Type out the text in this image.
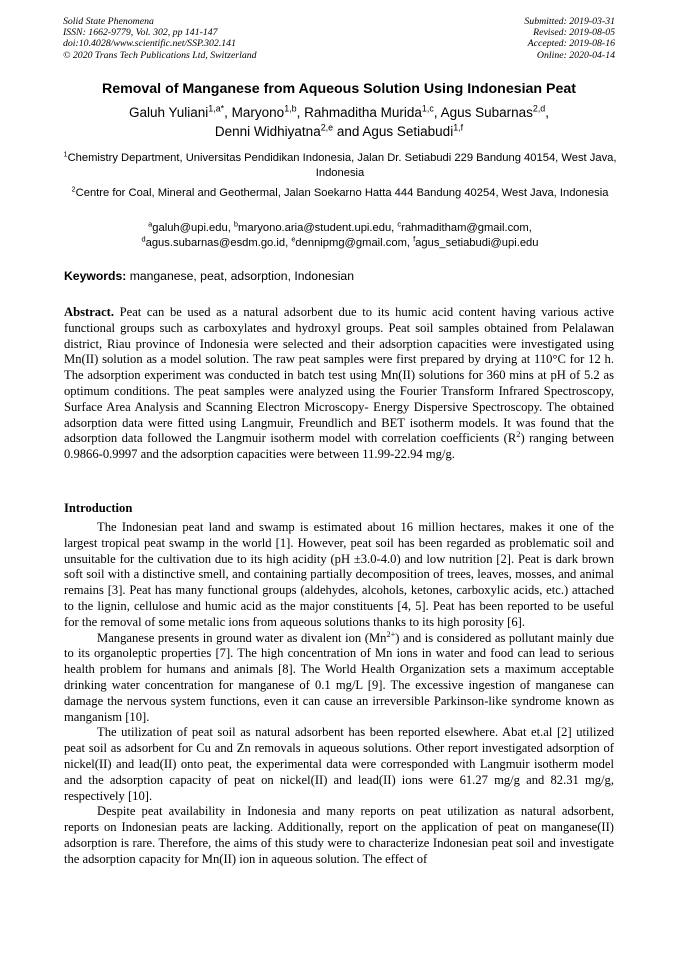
Solid State Phenomena
ISSN: 1662-9779, Vol. 302, pp 141-147
doi:10.4028/www.scientific.net/SSP.302.141
© 2020 Trans Tech Publications Ltd, Switzerland
Submitted: 2019-03-31
Revised: 2019-08-05
Accepted: 2019-08-16
Online: 2020-04-14
Removal of Manganese from Aqueous Solution Using Indonesian Peat
Galuh Yuliani$^{1,a*}$, Maryono$^{1,b}$, Rahmaditha Murida$^{1,c}$, Agus Subarnas$^{2,d}$,
Denni Widhiyatna$^{2,e}$ and Agus Setiabudi$^{1,f}$
$^1$Chemistry Department, Universitas Pendidikan Indonesia, Jalan Dr. Setiabudi 229 Bandung 40154, West Java, Indonesia
$^2$Centre for Coal, Mineral and Geothermal, Jalan Soekarno Hatta 444 Bandung 40254, West Java, Indonesia
$^a$galuh@upi.edu, $^b$maryono.aria@student.upi.edu, $^c$rahmaditham@gmail.com,
$^d$agus.subarnas@esdm.go.id, $^e$dennipmg@gmail.com, $^f$agus_setiabudi@upi.edu
Keywords: manganese, peat, adsorption, Indonesian

Abstract. Peat can be used as a natural adsorbent due to its humic acid content having various active functional groups such as carboxylates and hydroxyl groups. Peat soil samples obtained from Pelalawan district, Riau province of Indonesia were selected and their adsorption capacities were investigated using Mn(II) solution as a model solution. The raw peat samples were first prepared by drying at 110°C for 12 h. The adsorption experiment was conducted in batch test using Mn(II) solutions for 360 mins at pH of 5.2 as optimum conditions. The peat samples were analyzed using the Fourier Transform Infrared Spectroscopy, Surface Area Analysis and Scanning Electron Microscopy- Energy Dispersive Spectroscopy. The obtained adsorption data were fitted using Langmuir, Freundlich and BET isotherm models. It was found that the adsorption data followed the Langmuir isotherm model with correlation coefficients $(R^2)$ ranging between 0.9866-0.9997 and the adsorption capacities were between 11.99-22.94 mg/g.

Introduction

The Indonesian peat land and swamp is estimated about 16 million hectares, makes it one of the largest tropical peat swamp in the world [1]. However, peat soil has been regarded as problematic soil and unsuitable for the cultivation due to its high acidity (pH ±3.0-4.0) and low nutrition [2]. Peat is dark brown soft soil with a distinctive smell, and containing partially decomposition of trees, leaves, mosses, and animal remains [3]. Peat has many functional groups (aldehydes, alcohols, ketones, carboxylic acids, etc.) attached to the lignin, cellulose and humic acid as the major constituents [4, 5]. Peat has been reported to be useful for the removal of some metalic ions from aqueous solutions thanks to its high porosity [6].

Manganese presents in ground water as divalent ion $(Mn^{2+})$ and is considered as pollutant mainly due to its organoleptic properties [7]. The high concentration of Mn ions in water and food can lead to serious health problem for humans and animals [8]. The World Health Organization sets a maximum acceptable drinking water concentration for manganese of 0.1 mg/L [9]. The excessive ingestion of manganese can damage the nervous system functions, even it can cause an irreversible Parkinson-like syndrome known as manganism [10].

The utilization of peat soil as natural adsorbent has been reported elsewhere. Abat et.al [2] utilized peat soil as adsorbent for Cu and Zn removals in aqueous solutions. Other report investigated adsorption of nickel(II) and lead(II) onto peat, the experimental data were corresponded with Langmuir isotherm model and the adsorption capacity of peat on nickel(II) and lead(II) ions were 61.27 mg/g and 82.31 mg/g, respectively [10].

Despite peat availability in Indonesia and many reports on peat utilization as natural adsorbent, reports on Indonesian peats are lacking. Additionally, report on the application of peat on manganese(II) adsorption is rare. Therefore, the aims of this study were to characterize Indonesian peat soil and investigate the adsorption capacity for Mn(II) ion in aqueous solution. The effect of
